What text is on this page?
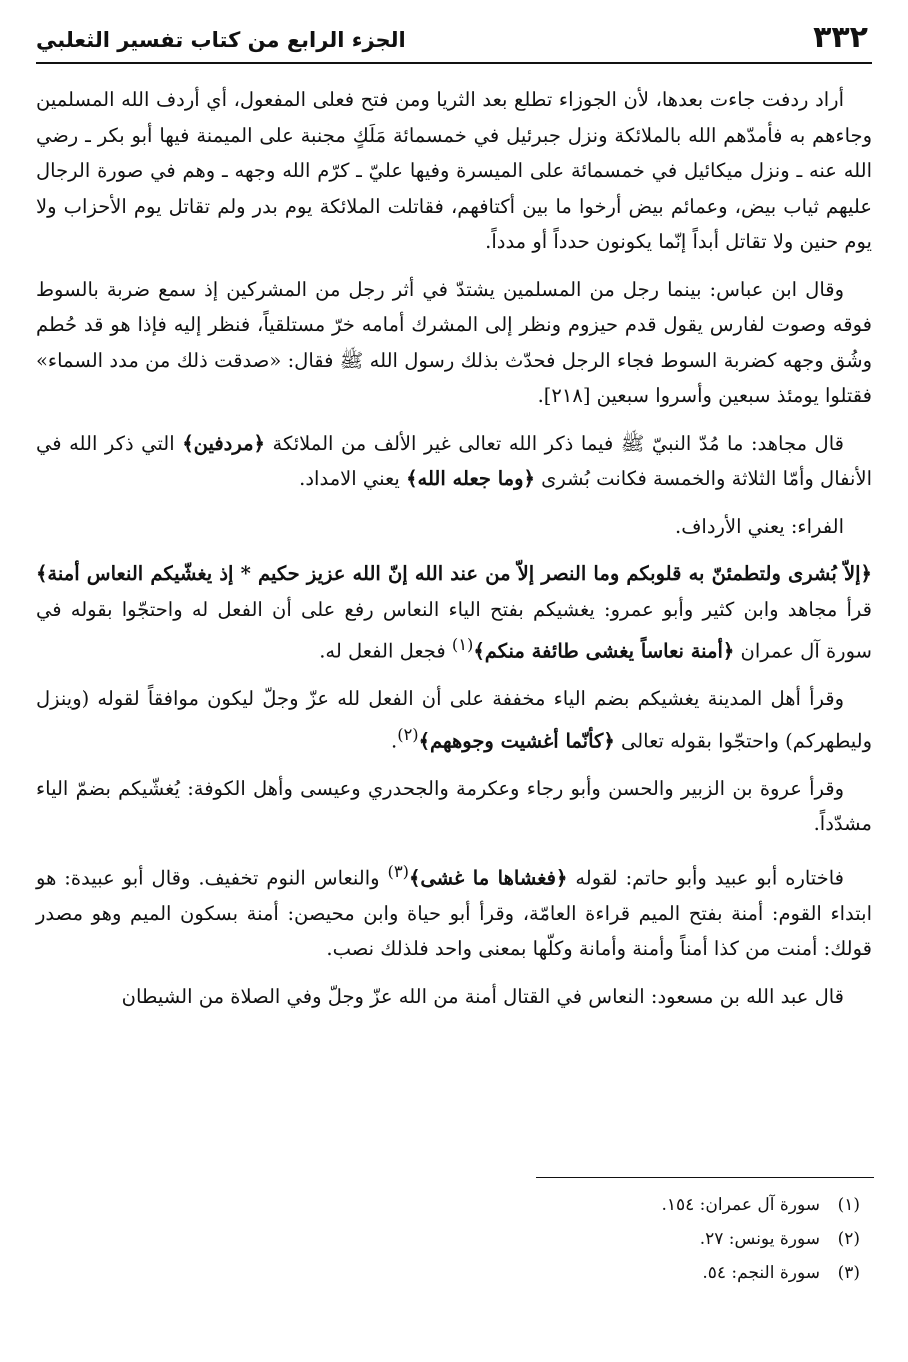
٣٣٢
الجزء الرابع من كتاب تفسير الثعلبي

أراد ردفت جاءت بعدها، لأن الجوزاء تطلع بعد الثريا ومن فتح فعلى المفعول، أي أردف الله المسلمين وجاءهم به فأمدّهم الله بالملائكة ونزل جبرئيل في خمسمائة مَلَكٍ مجنبة على الميمنة فيها أبو بكر ـ رضي الله عنه ـ ونزل ميكائيل في خمسمائة على الميسرة وفيها عليّ ـ كرّم الله وجهه ـ وهم في صورة الرجال عليهم ثياب بيض، وعمائم بيض أرخوا ما بين أكتافهم، فقاتلت الملائكة يوم بدر ولم تقاتل يوم الأحزاب ولا يوم حنين ولا تقاتل أبداً إنّما يكونون حدداً أو مدداً.

وقال ابن عباس: بينما رجل من المسلمين يشتدّ في أثر رجل من المشركين إذ سمع ضربة بالسوط فوقه وصوت لفارس يقول قدم حيزوم ونظر إلى المشرك أمامه خرّ مستلقياً، فنظر إليه فإذا هو قد حُطم وشُق وجهه كضربة السوط فجاء الرجل فحدّث بذلك رسول الله ﷺ فقال: «صدقت ذلك من مدد السماء» فقتلوا يومئذ سبعين وأسروا سبعين [٢١٨].

قال مجاهد: ما مُدّ النبيّ ﷺ فيما ذكر الله تعالى غير الألف من الملائكة ﴿مردفين﴾ التي ذكر الله في الأنفال وأمّا الثلاثة والخمسة فكانت بُشرى ﴿وما جعله الله﴾ يعني الامداد.

الفراء: يعني الأرداف.

﴿إلاّ بُشرى ولتطمئنّ به قلوبكم وما النصر إلاّ من عند الله إنّ الله عزيز حكيم * إذ يغشّيكم النعاس أمنة﴾ قرأ مجاهد وابن كثير وأبو عمرو: يغشيكم بفتح الياء النعاس رفع على أن الفعل له واحتجّوا بقوله في سورة آل عمران ﴿أمنة نعاساً يغشى طائفة منكم﴾$^{(١)}$ فجعل الفعل له.

وقرأ أهل المدينة يغشيكم بضم الياء مخففة على أن الفعل لله عزّ وجلّ ليكون موافقاً لقوله (وينزل وليطهركم) واحتجّوا بقوله تعالى ﴿كأنّما أغشيت وجوههم﴾$^{(٢)}$.

وقرأ عروة بن الزبير والحسن وأبو رجاء وعكرمة والجحدري وعيسى وأهل الكوفة: يُغشّيكم بضمّ الياء مشدّداً.

فاختاره أبو عبيد وأبو حاتم: لقوله ﴿فغشاها ما غشى﴾$^{(٣)}$ والنعاس النوم تخفيف. وقال أبو عبيدة: هو ابتداء القوم: أمنة بفتح الميم قراءة العامّة، وقرأ أبو حياة وابن محيصن: أمنة بسكون الميم وهو مصدر قولك: أمنت من كذا أمناً وأمنة وأمانة وكلّها بمعنى واحد فلذلك نصب.

قال عبد الله بن مسعود: النعاس في القتال أمنة من الله عزّ وجلّ وفي الصلاة من الشيطان

(١)سورة آل عمران: ١٥٤.
(٢)سورة يونس: ٢٧.
(٣)سورة النجم: ٥٤.
